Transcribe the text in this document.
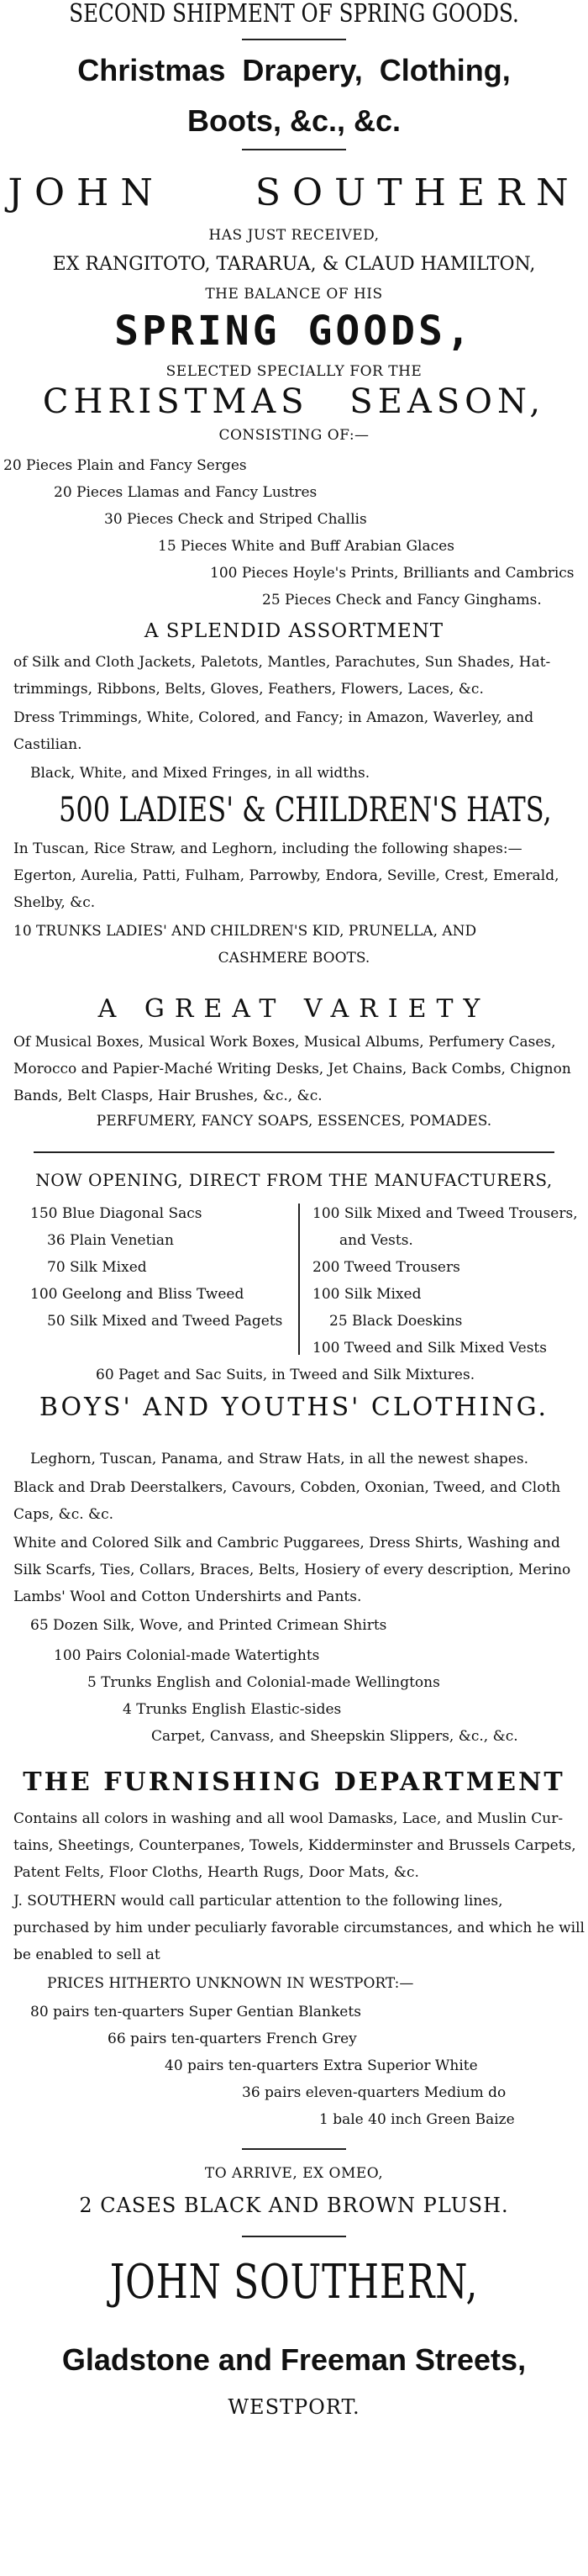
SECOND SHIPMENT OF SPRING GOODS.
Christmas Drapery, Clothing,
Boots, &c., &c.
JOHN SOUTHERN
HAS JUST RECEIVED,
EX RANGITOTO, TARARUA, & CLAUD HAMILTON,
THE BALANCE OF HIS
SPRING GOODS,
SELECTED SPECIALLY FOR THE
CHRISTMAS SEASON,
CONSISTING OF:—
20 Pieces Plain and Fancy Serges
20 Pieces Llamas and Fancy Lustres
30 Pieces Check and Striped Challis
15 Pieces White and Buff Arabian Glaces
100 Pieces Hoyle's Prints, Brilliants and Cambrics
25 Pieces Check and Fancy Ginghams.
A SPLENDID ASSORTMENT
of Silk and Cloth Jackets, Paletots, Mantles, Parachutes, Sun Shades, Hat-
trimmings, Ribbons, Belts, Gloves, Feathers, Flowers, Laces, &c.
Dress Trimmings, White, Colored, and Fancy; in Amazon, Waverley, and
Castilian.
Black, White, and Mixed Fringes, in all widths.
500 LADIES' & CHILDREN'S HATS,
In Tuscan, Rice Straw, and Leghorn, including the following shapes:—
Egerton, Aurelia, Patti, Fulham, Parrowby, Endora, Seville, Crest, Emerald,
Shelby, &c.
10 TRUNKS LADIES' AND CHILDREN'S KID, PRUNELLA, AND
CASHMERE BOOTS.
A GREAT VARIETY
Of Musical Boxes, Musical Work Boxes, Musical Albums, Perfumery Cases,
Morocco and Papier-Maché Writing Desks, Jet Chains, Back Combs, Chignon
Bands, Belt Clasps, Hair Brushes, &c., &c.
PERFUMERY, FANCY SOAPS, ESSENCES, POMADES.
NOW OPENING, DIRECT FROM THE MANUFACTURERS,
150 Blue Diagonal Sacs
36 Plain Venetian
70 Silk Mixed
100 Geelong and Bliss Tweed
50 Silk Mixed and Tweed Pagets
100 Silk Mixed and Tweed Trousers,
and Vests.
200 Tweed Trousers
100 Silk Mixed
25 Black Doeskins
100 Tweed and Silk Mixed Vests
60 Paget and Sac Suits, in Tweed and Silk Mixtures.
BOYS' AND YOUTHS' CLOTHING.
Leghorn, Tuscan, Panama, and Straw Hats, in all the newest shapes.
Black and Drab Deerstalkers, Cavours, Cobden, Oxonian, Tweed, and Cloth
Caps, &c. &c.
White and Colored Silk and Cambric Puggarees, Dress Shirts, Washing and
Silk Scarfs, Ties, Collars, Braces, Belts, Hosiery of every description, Merino
Lambs' Wool and Cotton Undershirts and Pants.
65 Dozen Silk, Wove, and Printed Crimean Shirts
100 Pairs Colonial-made Watertights
5 Trunks English and Colonial-made Wellingtons
4 Trunks English Elastic-sides
Carpet, Canvass, and Sheepskin Slippers, &c., &c.
THE FURNISHING DEPARTMENT
Contains all colors in washing and all wool Damasks, Lace, and Muslin Cur-
tains, Sheetings, Counterpanes, Towels, Kidderminster and Brussels Carpets,
Patent Felts, Floor Cloths, Hearth Rugs, Door Mats, &c.
J. SOUTHERN would call particular attention to the following lines,
purchased by him under peculiarly favorable circumstances, and which he will
be enabled to sell at
PRICES HITHERTO UNKNOWN IN WESTPORT:—
80 pairs ten-quarters Super Gentian Blankets
66 pairs ten-quarters French Grey
40 pairs ten-quarters Extra Superior White
36 pairs eleven-quarters Medium do
1 bale 40 inch Green Baize
TO ARRIVE, EX OMEO,
2 CASES BLACK AND BROWN PLUSH.
JOHN SOUTHERN,
Gladstone and Freeman Streets,
WESTPORT.
